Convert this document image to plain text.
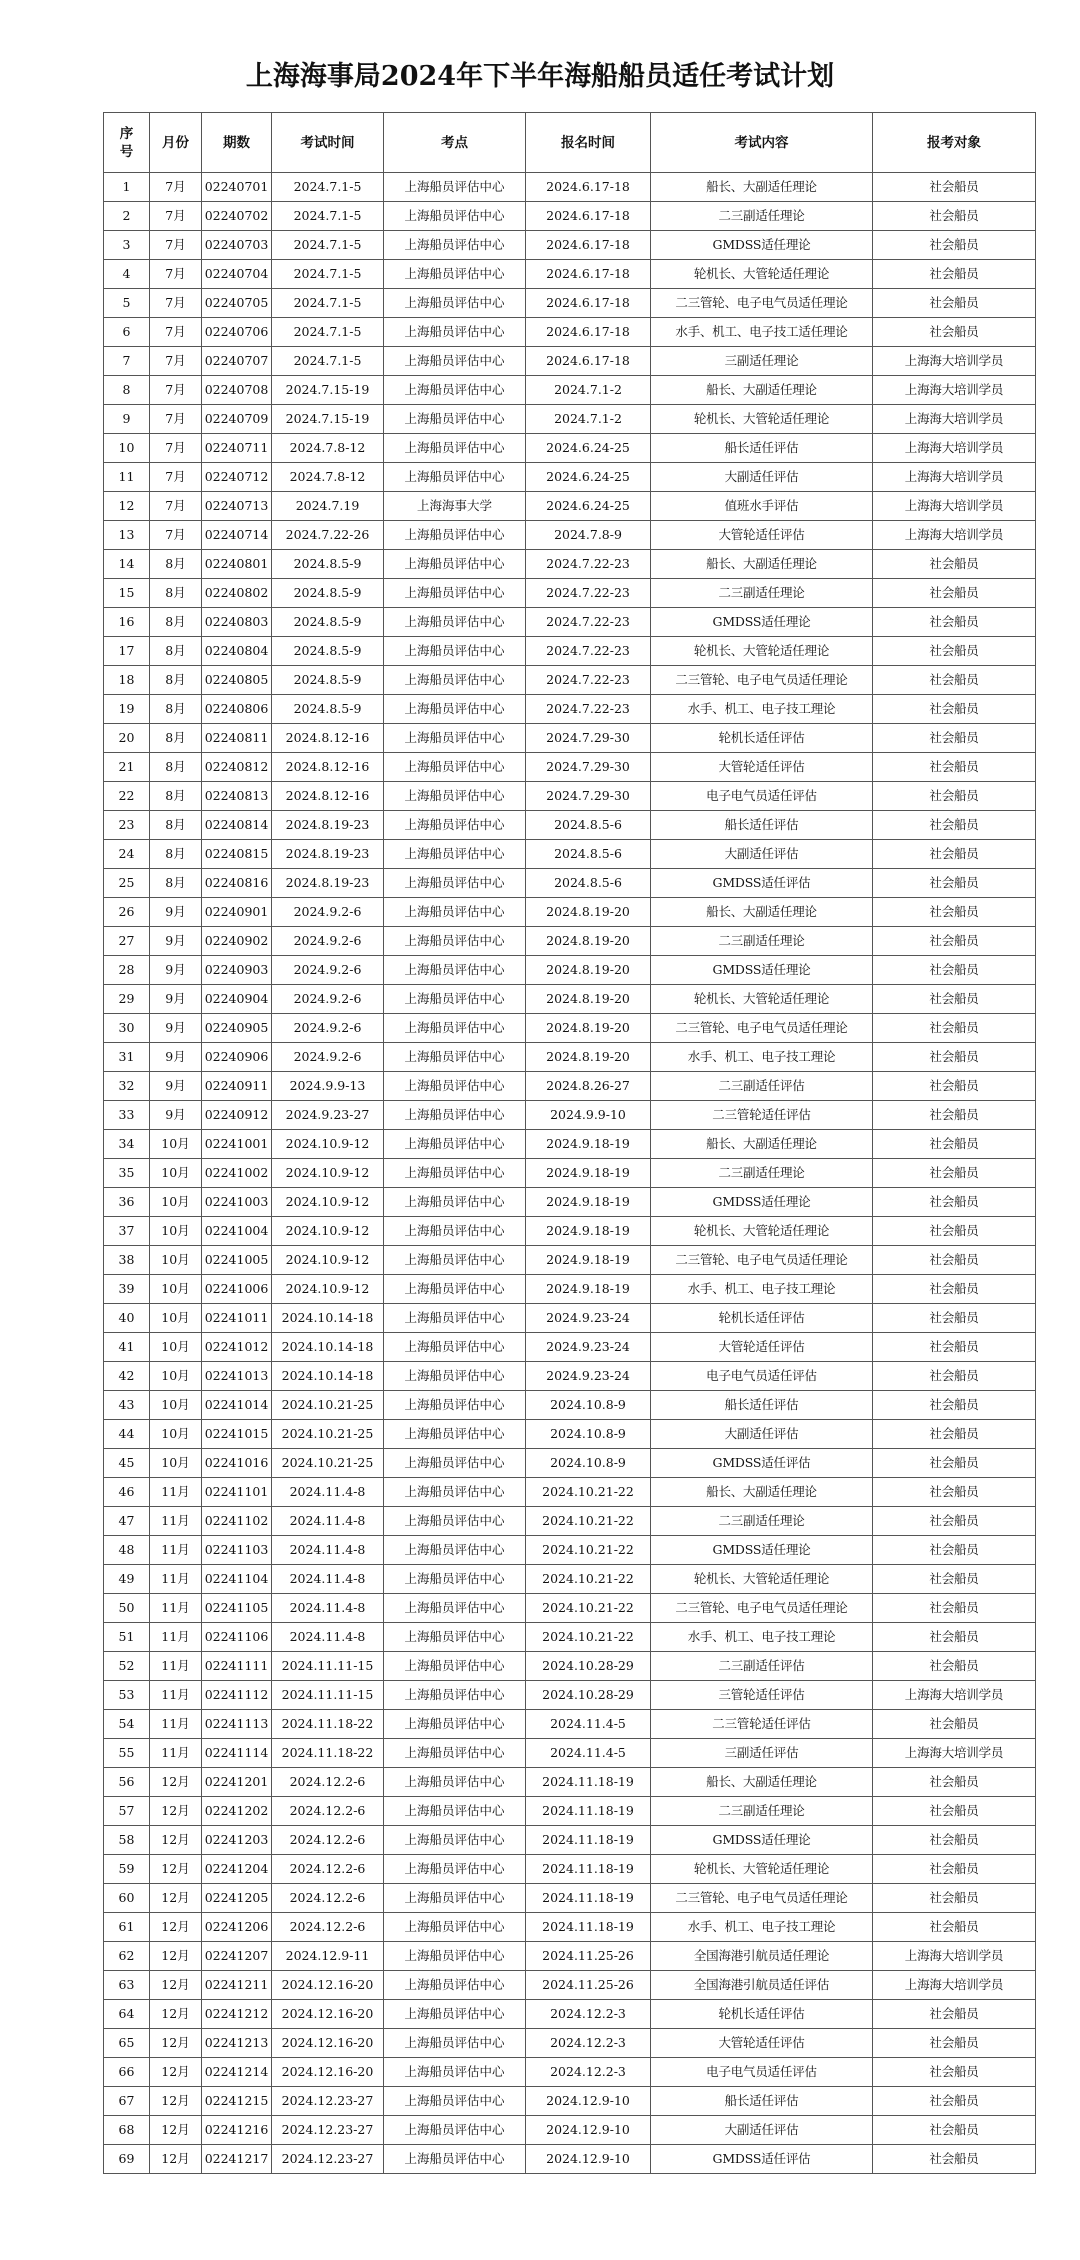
上海海事局2024年下半年海船船员适任考试计划
序号	月份	期数	考试时间	考点	报名时间	考试内容	报考对象
1	7月	02240701	2024.7.1-5	上海船员评估中心	2024.6.17-18	船长、大副适任理论	社会船员
2	7月	02240702	2024.7.1-5	上海船员评估中心	2024.6.17-18	二三副适任理论	社会船员
3	7月	02240703	2024.7.1-5	上海船员评估中心	2024.6.17-18	GMDSS适任理论	社会船员
4	7月	02240704	2024.7.1-5	上海船员评估中心	2024.6.17-18	轮机长、大管轮适任理论	社会船员
5	7月	02240705	2024.7.1-5	上海船员评估中心	2024.6.17-18	二三管轮、电子电气员适任理论	社会船员
6	7月	02240706	2024.7.1-5	上海船员评估中心	2024.6.17-18	水手、机工、电子技工适任理论	社会船员
7	7月	02240707	2024.7.1-5	上海船员评估中心	2024.6.17-18	三副适任理论	上海海大培训学员
8	7月	02240708	2024.7.15-19	上海船员评估中心	2024.7.1-2	船长、大副适任理论	上海海大培训学员
9	7月	02240709	2024.7.15-19	上海船员评估中心	2024.7.1-2	轮机长、大管轮适任理论	上海海大培训学员
10	7月	02240711	2024.7.8-12	上海船员评估中心	2024.6.24-25	船长适任评估	上海海大培训学员
11	7月	02240712	2024.7.8-12	上海船员评估中心	2024.6.24-25	大副适任评估	上海海大培训学员
12	7月	02240713	2024.7.19	上海海事大学	2024.6.24-25	值班水手评估	上海海大培训学员
13	7月	02240714	2024.7.22-26	上海船员评估中心	2024.7.8-9	大管轮适任评估	上海海大培训学员
14	8月	02240801	2024.8.5-9	上海船员评估中心	2024.7.22-23	船长、大副适任理论	社会船员
15	8月	02240802	2024.8.5-9	上海船员评估中心	2024.7.22-23	二三副适任理论	社会船员
16	8月	02240803	2024.8.5-9	上海船员评估中心	2024.7.22-23	GMDSS适任理论	社会船员
17	8月	02240804	2024.8.5-9	上海船员评估中心	2024.7.22-23	轮机长、大管轮适任理论	社会船员
18	8月	02240805	2024.8.5-9	上海船员评估中心	2024.7.22-23	二三管轮、电子电气员适任理论	社会船员
19	8月	02240806	2024.8.5-9	上海船员评估中心	2024.7.22-23	水手、机工、电子技工理论	社会船员
20	8月	02240811	2024.8.12-16	上海船员评估中心	2024.7.29-30	轮机长适任评估	社会船员
21	8月	02240812	2024.8.12-16	上海船员评估中心	2024.7.29-30	大管轮适任评估	社会船员
22	8月	02240813	2024.8.12-16	上海船员评估中心	2024.7.29-30	电子电气员适任评估	社会船员
23	8月	02240814	2024.8.19-23	上海船员评估中心	2024.8.5-6	船长适任评估	社会船员
24	8月	02240815	2024.8.19-23	上海船员评估中心	2024.8.5-6	大副适任评估	社会船员
25	8月	02240816	2024.8.19-23	上海船员评估中心	2024.8.5-6	GMDSS适任评估	社会船员
26	9月	02240901	2024.9.2-6	上海船员评估中心	2024.8.19-20	船长、大副适任理论	社会船员
27	9月	02240902	2024.9.2-6	上海船员评估中心	2024.8.19-20	二三副适任理论	社会船员
28	9月	02240903	2024.9.2-6	上海船员评估中心	2024.8.19-20	GMDSS适任理论	社会船员
29	9月	02240904	2024.9.2-6	上海船员评估中心	2024.8.19-20	轮机长、大管轮适任理论	社会船员
30	9月	02240905	2024.9.2-6	上海船员评估中心	2024.8.19-20	二三管轮、电子电气员适任理论	社会船员
31	9月	02240906	2024.9.2-6	上海船员评估中心	2024.8.19-20	水手、机工、电子技工理论	社会船员
32	9月	02240911	2024.9.9-13	上海船员评估中心	2024.8.26-27	二三副适任评估	社会船员
33	9月	02240912	2024.9.23-27	上海船员评估中心	2024.9.9-10	二三管轮适任评估	社会船员
34	10月	02241001	2024.10.9-12	上海船员评估中心	2024.9.18-19	船长、大副适任理论	社会船员
35	10月	02241002	2024.10.9-12	上海船员评估中心	2024.9.18-19	二三副适任理论	社会船员
36	10月	02241003	2024.10.9-12	上海船员评估中心	2024.9.18-19	GMDSS适任理论	社会船员
37	10月	02241004	2024.10.9-12	上海船员评估中心	2024.9.18-19	轮机长、大管轮适任理论	社会船员
38	10月	02241005	2024.10.9-12	上海船员评估中心	2024.9.18-19	二三管轮、电子电气员适任理论	社会船员
39	10月	02241006	2024.10.9-12	上海船员评估中心	2024.9.18-19	水手、机工、电子技工理论	社会船员
40	10月	02241011	2024.10.14-18	上海船员评估中心	2024.9.23-24	轮机长适任评估	社会船员
41	10月	02241012	2024.10.14-18	上海船员评估中心	2024.9.23-24	大管轮适任评估	社会船员
42	10月	02241013	2024.10.14-18	上海船员评估中心	2024.9.23-24	电子电气员适任评估	社会船员
43	10月	02241014	2024.10.21-25	上海船员评估中心	2024.10.8-9	船长适任评估	社会船员
44	10月	02241015	2024.10.21-25	上海船员评估中心	2024.10.8-9	大副适任评估	社会船员
45	10月	02241016	2024.10.21-25	上海船员评估中心	2024.10.8-9	GMDSS适任评估	社会船员
46	11月	02241101	2024.11.4-8	上海船员评估中心	2024.10.21-22	船长、大副适任理论	社会船员
47	11月	02241102	2024.11.4-8	上海船员评估中心	2024.10.21-22	二三副适任理论	社会船员
48	11月	02241103	2024.11.4-8	上海船员评估中心	2024.10.21-22	GMDSS适任理论	社会船员
49	11月	02241104	2024.11.4-8	上海船员评估中心	2024.10.21-22	轮机长、大管轮适任理论	社会船员
50	11月	02241105	2024.11.4-8	上海船员评估中心	2024.10.21-22	二三管轮、电子电气员适任理论	社会船员
51	11月	02241106	2024.11.4-8	上海船员评估中心	2024.10.21-22	水手、机工、电子技工理论	社会船员
52	11月	02241111	2024.11.11-15	上海船员评估中心	2024.10.28-29	二三副适任评估	社会船员
53	11月	02241112	2024.11.11-15	上海船员评估中心	2024.10.28-29	三管轮适任评估	上海海大培训学员
54	11月	02241113	2024.11.18-22	上海船员评估中心	2024.11.4-5	二三管轮适任评估	社会船员
55	11月	02241114	2024.11.18-22	上海船员评估中心	2024.11.4-5	三副适任评估	上海海大培训学员
56	12月	02241201	2024.12.2-6	上海船员评估中心	2024.11.18-19	船长、大副适任理论	社会船员
57	12月	02241202	2024.12.2-6	上海船员评估中心	2024.11.18-19	二三副适任理论	社会船员
58	12月	02241203	2024.12.2-6	上海船员评估中心	2024.11.18-19	GMDSS适任理论	社会船员
59	12月	02241204	2024.12.2-6	上海船员评估中心	2024.11.18-19	轮机长、大管轮适任理论	社会船员
60	12月	02241205	2024.12.2-6	上海船员评估中心	2024.11.18-19	二三管轮、电子电气员适任理论	社会船员
61	12月	02241206	2024.12.2-6	上海船员评估中心	2024.11.18-19	水手、机工、电子技工理论	社会船员
62	12月	02241207	2024.12.9-11	上海船员评估中心	2024.11.25-26	全国海港引航员适任理论	上海海大培训学员
63	12月	02241211	2024.12.16-20	上海船员评估中心	2024.11.25-26	全国海港引航员适任评估	上海海大培训学员
64	12月	02241212	2024.12.16-20	上海船员评估中心	2024.12.2-3	轮机长适任评估	社会船员
65	12月	02241213	2024.12.16-20	上海船员评估中心	2024.12.2-3	大管轮适任评估	社会船员
66	12月	02241214	2024.12.16-20	上海船员评估中心	2024.12.2-3	电子电气员适任评估	社会船员
67	12月	02241215	2024.12.23-27	上海船员评估中心	2024.12.9-10	船长适任评估	社会船员
68	12月	02241216	2024.12.23-27	上海船员评估中心	2024.12.9-10	大副适任评估	社会船员
69	12月	02241217	2024.12.23-27	上海船员评估中心	2024.12.9-10	GMDSS适任评估	社会船员
